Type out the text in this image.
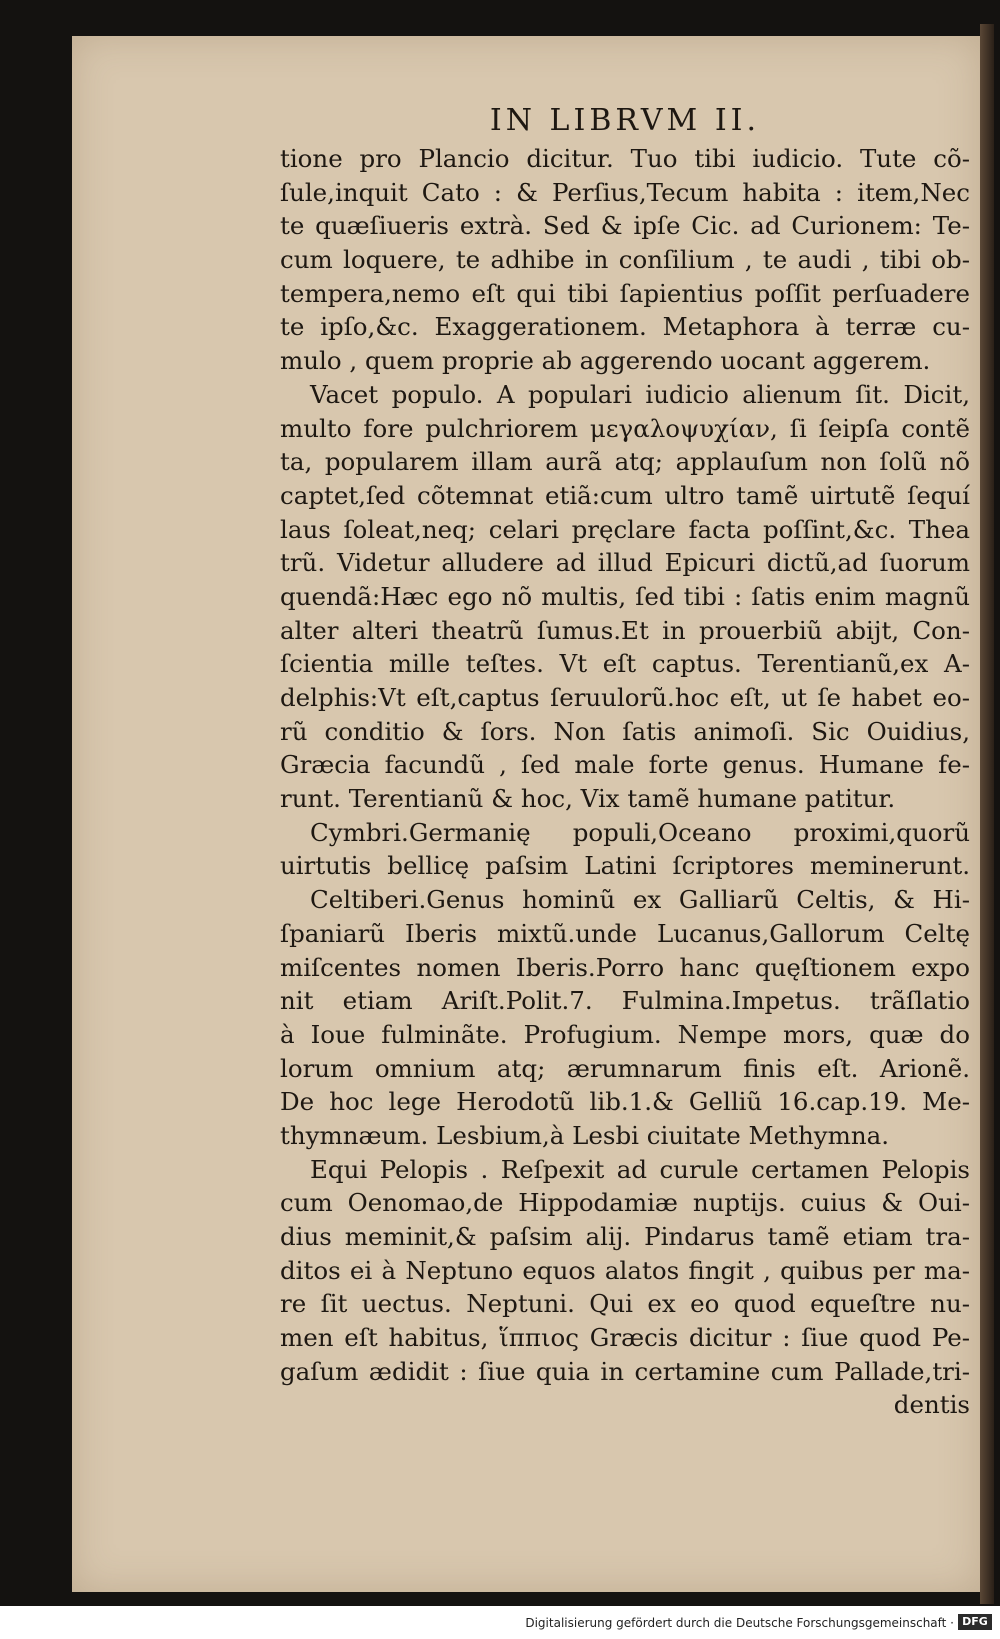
IN LIBRVM II.
tione pro Plancio dicitur. Tuo tibi iudicio. Tute cõ-
ſule,inquit Cato : & Perſius,Tecum habita : item,Nec
te quæſiueris extrà. Sed & ipſe Cic. ad Curionem: Te-
cum loquere, te adhibe in conſilium , te audi , tibi ob-
tempera,nemo eſt qui tibi ſapientius poſſit perſuadere
te ipſo,&c. Exaggerationem. Metaphora à terræ cu-
mulo , quem proprie ab aggerendo uocant aggerem.
Vacet populo. A populari iudicio alienum ſit. Dicit,
multo fore pulchriorem μεγαλοψυχίαν, ſi ſeipſa contẽ
ta, popularem illam aurã atq; applauſum non ſolũ nõ
captet,ſed cõtemnat etiã:cum ultro tamẽ uirtutẽ ſequí
laus ſoleat,neq; celari pręclare facta poſſint,&c. Thea
trũ. Videtur alludere ad illud Epicuri dictũ,ad ſuorum
quendã:Hæc ego nõ multis, ſed tibi : ſatis enim magnũ
alter alteri theatrũ ſumus.Et in prouerbiũ abijt, Con-
ſcientia mille teſtes. Vt eſt captus. Terentianũ,ex A-
delphis:Vt eſt,captus ſeruulorũ.hoc eſt, ut ſe habet eo-
rũ conditio & ſors. Non ſatis animoſi. Sic Ouidius,
Græcia facundũ , ſed male forte genus. Humane fe-
runt. Terentianũ & hoc, Vix tamẽ humane patitur.
Cymbri.Germanię populi,Oceano proximi,quorũ
uirtutis bellicę paſsim Latini ſcriptores meminerunt.
Celtiberi.Genus hominũ ex Galliarũ Celtis, & Hi-
ſpaniarũ Iberis mixtũ.unde Lucanus,Gallorum Celtę
miſcentes nomen Iberis.Porro hanc quęſtionem expo
nit etiam Ariſt.Polit.7. Fulmina.Impetus. trãſlatio
à Ioue fulminãte. Profugium. Nempe mors, quæ do
lorum omnium atq; ærumnarum finis eſt. Arionẽ.
De hoc lege Herodotũ lib.1.& Gelliũ 16.cap.19. Me-
thymnæum. Lesbium,à Lesbi ciuitate Methymna.
Equi Pelopis . Reſpexit ad curule certamen Pelopis
cum Oenomao,de Hippodamiæ nuptijs. cuius & Oui-
dius meminit,& paſsim alij. Pindarus tamẽ etiam tra-
ditos ei à Neptuno equos alatos fingit , quibus per ma-
re ſit uectus. Neptuni. Qui ex eo quod equeſtre nu-
men eſt habitus, ἵππιος Græcis dicitur : ſiue quod Pe-
gaſum ædidit : ſiue quia in certamine cum Pallade,tri-
dentis
Digitalisierung gefördert durch die Deutsche Forschungsgemeinschaft · DFG
